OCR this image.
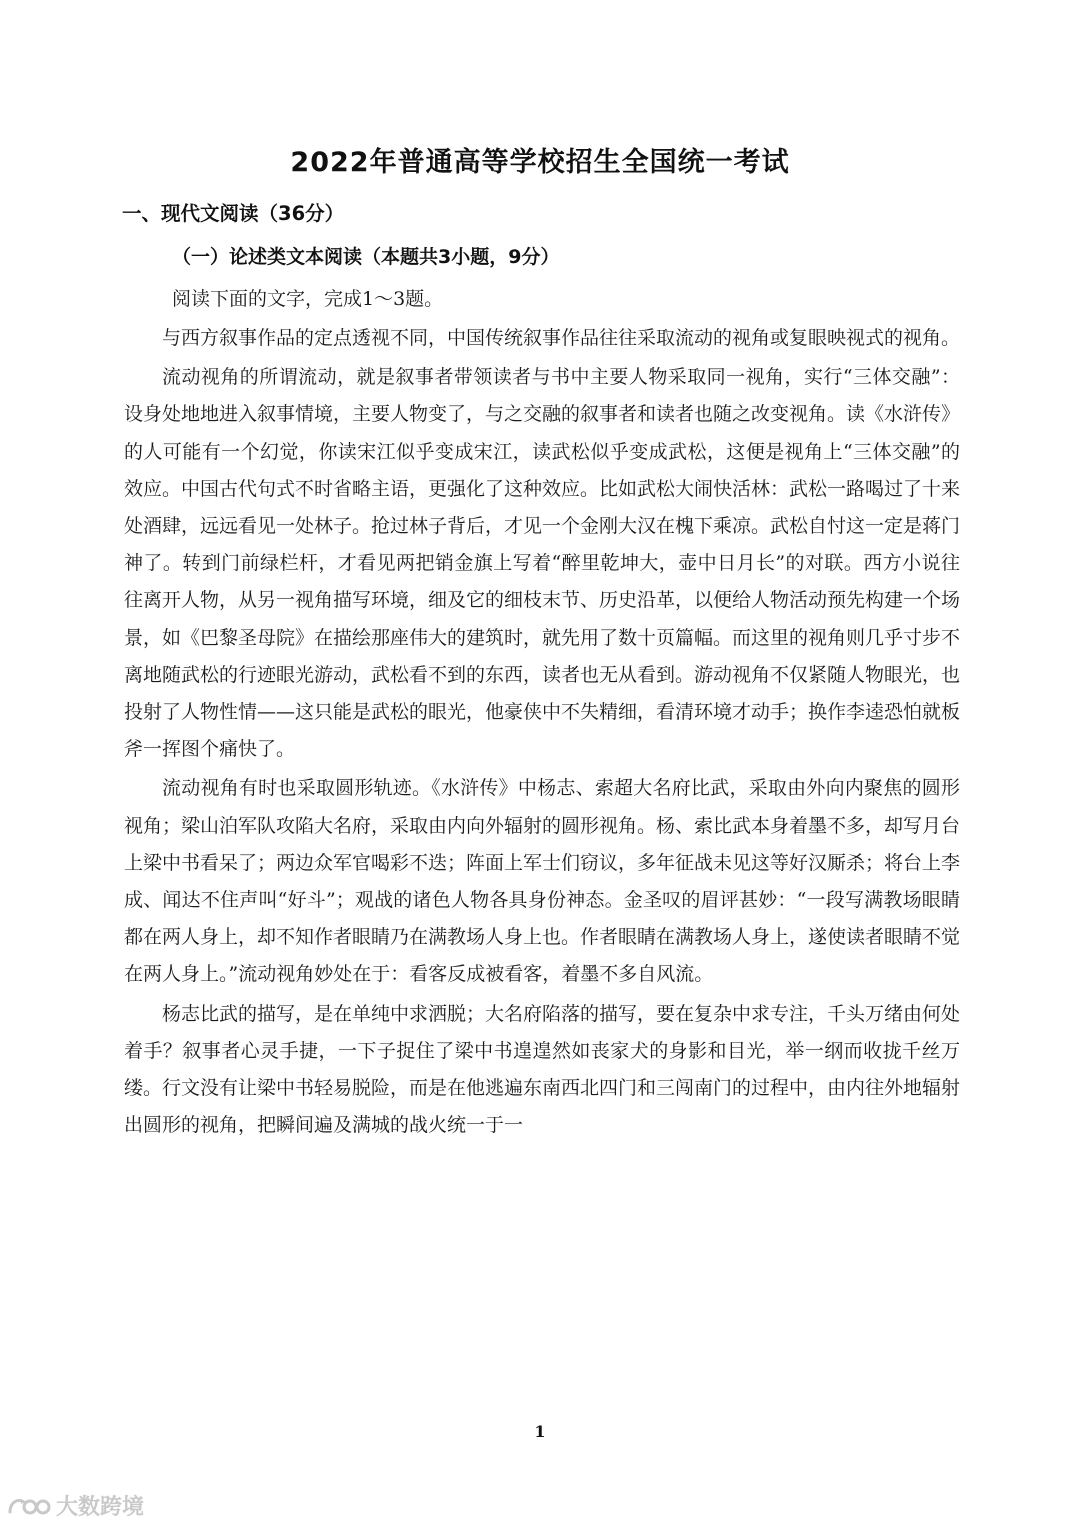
2022年普通高等学校招生全国统一考试
一、现代文阅读（36分）
（一）论述类文本阅读（本题共3小题，9分）
阅读下面的文字，完成1～3题。

与西方叙事作品的定点透视不同，中国传统叙事作品往往采取流动的视角或复眼映视式的视角。

流动视角的所谓流动，就是叙事者带领读者与书中主要人物采取同一视角，实行“三体交融”：设身处地地进入叙事情境，主要人物变了，与之交融的叙事者和读者也随之改变视角。读《水浒传》的人可能有一个幻觉，你读宋江似乎变成宋江，读武松似乎变成武松，这便是视角上“三体交融”的效应。中国古代句式不时省略主语，更强化了这种效应。比如武松大闹快活林：武松一路喝过了十来处酒肆，远远看见一处林子。抢过林子背后，才见一个金刚大汉在槐下乘凉。武松自忖这一定是蒋门神了。转到门前绿栏杆，才看见两把销金旗上写着“醉里乾坤大，壶中日月长”的对联。西方小说往往离开人物，从另一视角描写环境，细及它的细枝末节、历史沿革，以便给人物活动预先构建一个场景，如《巴黎圣母院》在描绘那座伟大的建筑时，就先用了数十页篇幅。而这里的视角则几乎寸步不离地随武松的行迹眼光游动，武松看不到的东西，读者也无从看到。游动视角不仅紧随人物眼光，也投射了人物性情——这只能是武松的眼光，他豪侠中不失精细，看清环境才动手；换作李逵恐怕就板斧一挥图个痛快了。

流动视角有时也采取圆形轨迹。《水浒传》中杨志、索超大名府比武，采取由外向内聚焦的圆形视角；梁山泊军队攻陷大名府，采取由内向外辐射的圆形视角。杨、索比武本身着墨不多，却写月台上梁中书看呆了；两边众军官喝彩不迭；阵面上军士们窃议，多年征战未见这等好汉厮杀；将台上李成、闻达不住声叫“好斗”；观战的诸色人物各具身份神态。金圣叹的眉评甚妙：“一段写满教场眼睛都在两人身上，却不知作者眼睛乃在满教场人身上也。作者眼睛在满教场人身上，遂使读者眼睛不觉在两人身上。”流动视角妙处在于：看客反成被看客，着墨不多自风流。

杨志比武的描写，是在单纯中求洒脱；大名府陷落的描写，要在复杂中求专注，千头万绪由何处着手？叙事者心灵手捷，一下子捉住了梁中书遑遑然如丧家犬的身影和目光，举一纲而收拢千丝万缕。行文没有让梁中书轻易脱险，而是在他逃遍东南西北四门和三闯南门的过程中，由内往外地辐射出圆形的视角，把瞬间遍及满城的战火统一于一

1
+ 大数跨境
